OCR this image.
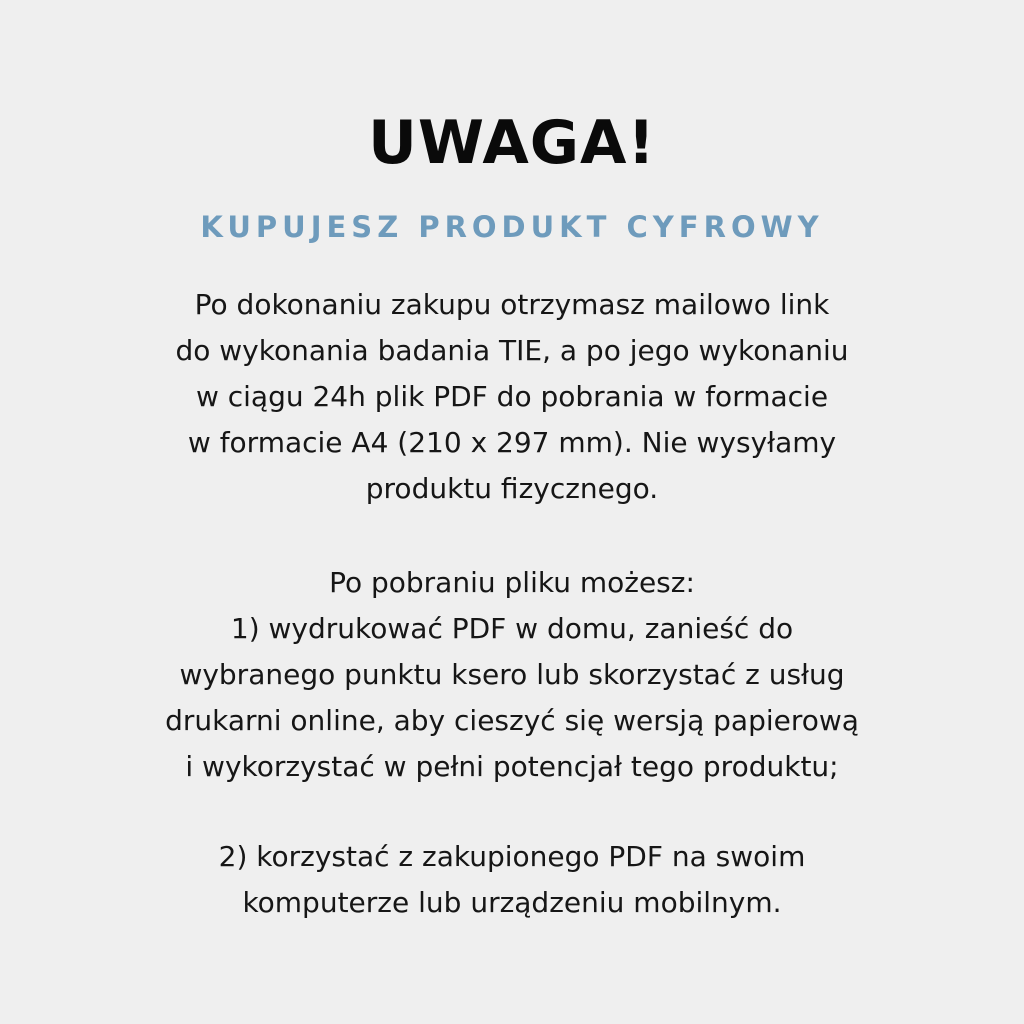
UWAGA!
KUPUJESZ PRODUKT CYFROWY

Po dokonaniu zakupu otrzymasz mailowo link
do wykonania badania TIE, a po jego wykonaniu
w ciągu 24h plik PDF do pobrania w formacie
w formacie A4 (210 x 297 mm). Nie wysyłamy
produktu fizycznego.

Po pobraniu pliku możesz:
1) wydrukować PDF w domu, zanieść do
wybranego punktu ksero lub skorzystać z usług
drukarni online, aby cieszyć się wersją papierową
i wykorzystać w pełni potencjał tego produktu;

2) korzystać z zakupionego PDF na swoim
komputerze lub urządzeniu mobilnym.
